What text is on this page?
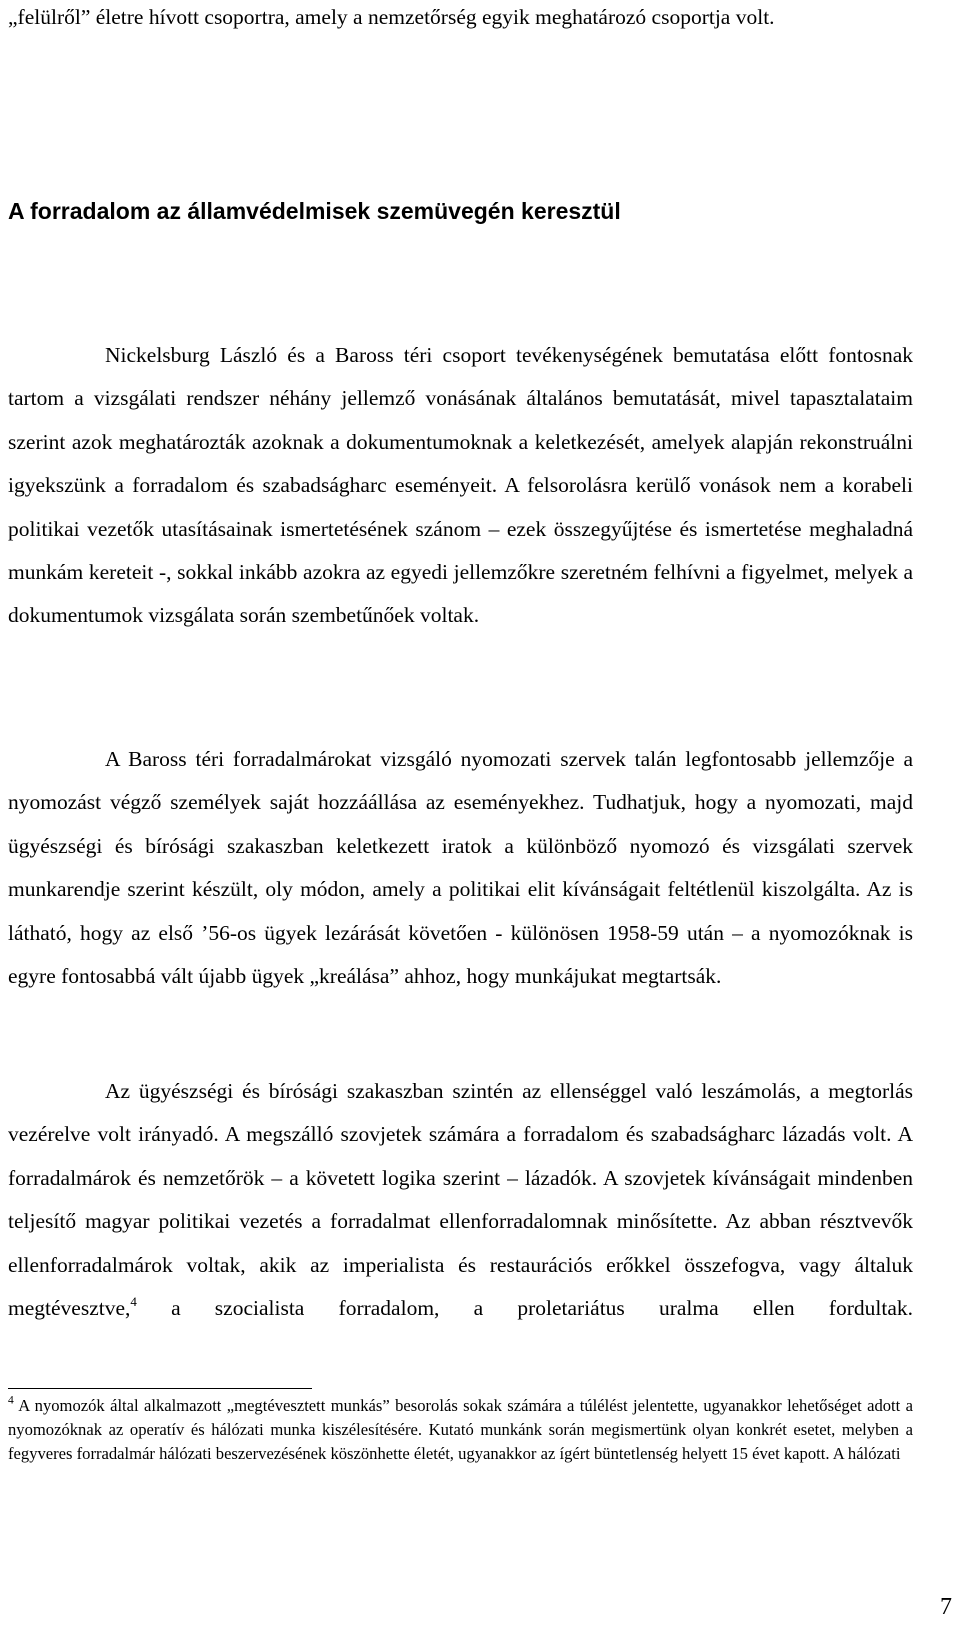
„felülről” életre hívott csoportra, amely a nemzetőrség egyik meghatározó csoportja volt.
A forradalom az államvédelmisek szemüvegén keresztül
Nickelsburg László és a Baross téri csoport tevékenységének bemutatása előtt fontosnak tartom a vizsgálati rendszer néhány jellemző vonásának általános bemutatását, mivel tapasztalataim szerint azok meghatározták azoknak a dokumentumoknak a keletkezését, amelyek alapján rekonstruálni igyekszünk a forradalom és szabadságharc eseményeit. A felsorolásra kerülő vonások nem a korabeli politikai vezetők utasításainak ismertetésének szánom – ezek összegyűjtése és ismertetése meghaladná munkám kereteit -, sokkal inkább azokra az egyedi jellemzőkre szeretném felhívni a figyelmet, melyek a dokumentumok vizsgálata során szembetűnőek voltak.
A Baross téri forradalmárokat vizsgáló nyomozati szervek talán legfontosabb jellemzője a nyomozást végző személyek saját hozzáállása az eseményekhez. Tudhatjuk, hogy a nyomozati, majd ügyészségi és bírósági szakaszban keletkezett iratok a különböző nyomozó és vizsgálati szervek munkarendje szerint készült, oly módon, amely a politikai elit kívánságait feltétlenül kiszolgálta. Az is látható, hogy az első ’56-os ügyek lezárását követően - különösen 1958-59 után – a nyomozóknak is egyre fontosabbá vált újabb ügyek „kreálása” ahhoz, hogy munkájukat megtartsák.
Az ügyészségi és bírósági szakaszban szintén az ellenséggel való leszámolás, a megtorlás vezérelve volt irányadó. A megszálló szovjetek számára a forradalom és szabadságharc lázadás volt. A forradalmárok és nemzetőrök – a követett logika szerint – lázadók. A szovjetek kívánságait mindenben teljesítő magyar politikai vezetés a forradalmat ellenforradalomnak minősítette. Az abban résztvevők ellenforradalmárok voltak, akik az imperialista és restaurációs erőkkel összefogva, vagy általuk megtévesztve,$^4$ a szocialista forradalom, a proletariátus uralma ellen fordultak.
$^4$ A nyomozók által alkalmazott „megtévesztett munkás” besorolás sokak számára a túlélést jelentette, ugyanakkor lehetőséget adott a nyomozóknak az operatív és hálózati munka kiszélesítésére. Kutató munkánk során megismertünk olyan konkrét esetet, melyben a fegyveres forradalmár hálózati beszervezésének köszönhette életét, ugyanakkor az ígért büntetlenség helyett 15 évet kapott. A hálózati
7
